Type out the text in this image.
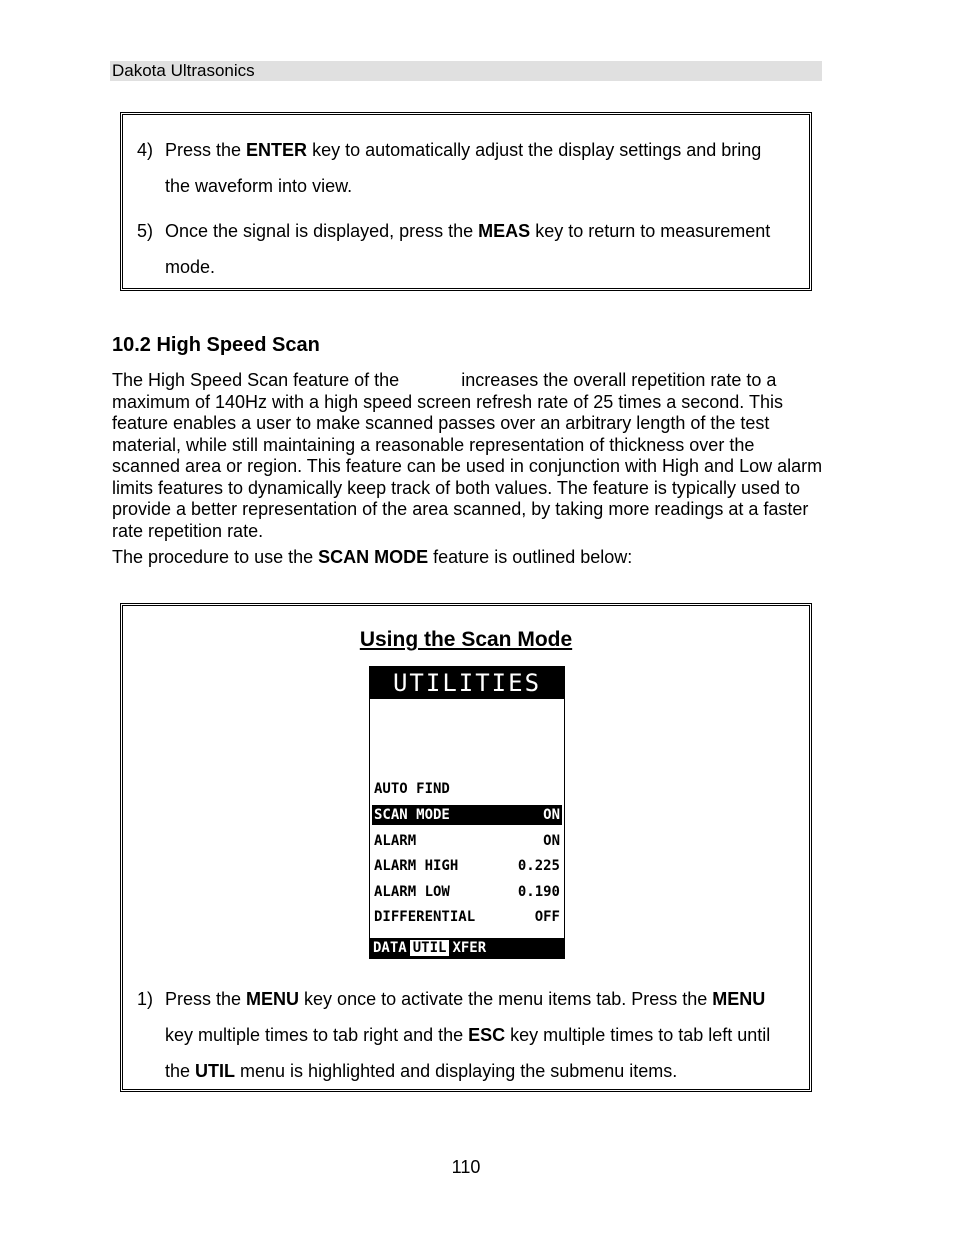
Dakota Ultrasonics
4) Press the ENTER key to automatically adjust the display settings and bring
the waveform into view.
5) Once the signal is displayed, press the MEAS key to return to measurement
mode.
10.2 High Speed Scan
The High Speed Scan feature of the	increases the overall repetition rate to a maximum of 140Hz with a high speed screen refresh rate of 25 times a second. This feature enables a user to make scanned passes over an arbitrary length of the test material, while still maintaining a reasonable representation of thickness over the scanned area or region. This feature can be used in conjunction with High and Low alarm limits features to dynamically keep track of both values. The feature is typically used to provide a better representation of the area scanned, by taking more readings at a faster rate repetition rate.
The procedure to use the SCAN MODE feature is outlined below:
Using the Scan Mode
UTILITIES
AUTO FIND
SCAN MODE	ON
ALARM	ON
ALARM HIGH	0.225
ALARM LOW	0.190
DIFFERENTIAL	OFF
DATA UTIL XFER
1) Press the MENU key once to activate the menu items tab. Press the MENU
key multiple times to tab right and the ESC key multiple times to tab left until
the UTIL menu is highlighted and displaying the submenu items.
110
